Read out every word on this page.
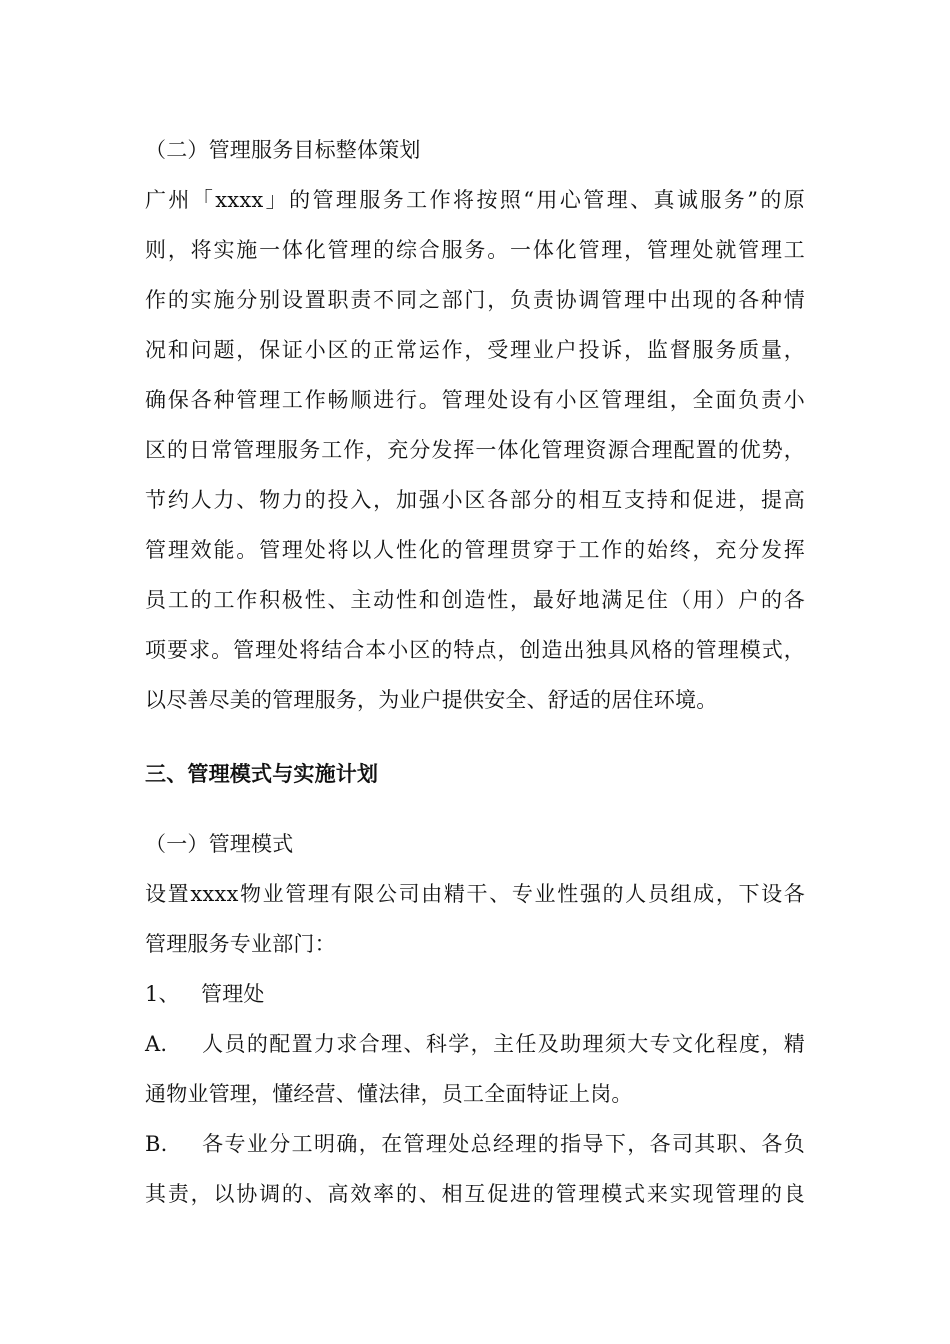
（二）管理服务目标整体策划
广州「xxxx」的管理服务工作将按照“用心管理、真诚服务”的原
则，将实施一体化管理的综合服务。一体化管理，管理处就管理工
作的实施分别设置职责不同之部门，负责协调管理中出现的各种情
况和问题，保证小区的正常运作，受理业户投诉，监督服务质量，
确保各种管理工作畅顺进行。管理处设有小区管理组，全面负责小
区的日常管理服务工作，充分发挥一体化管理资源合理配置的优势，
节约人力、物力的投入，加强小区各部分的相互支持和促进，提高
管理效能。管理处将以人性化的管理贯穿于工作的始终，充分发挥
员工的工作积极性、主动性和创造性，最好地满足住（用）户的各
项要求。管理处将结合本小区的特点，创造出独具风格的管理模式，
以尽善尽美的管理服务，为业户提供安全、舒适的居住环境。
三、管理模式与实施计划
（一）管理模式
设置xxxx物业管理有限公司由精干、专业性强的人员组成，下设各
管理服务专业部门：
1、 管理处
A. 人员的配置力求合理、科学，主任及助理须大专文化程度，精
通物业管理，懂经营、懂法律，员工全面特证上岗。
B. 各专业分工明确，在管理处总经理的指导下，各司其职、各负
其责，以协调的、高效率的、相互促进的管理模式来实现管理的良
